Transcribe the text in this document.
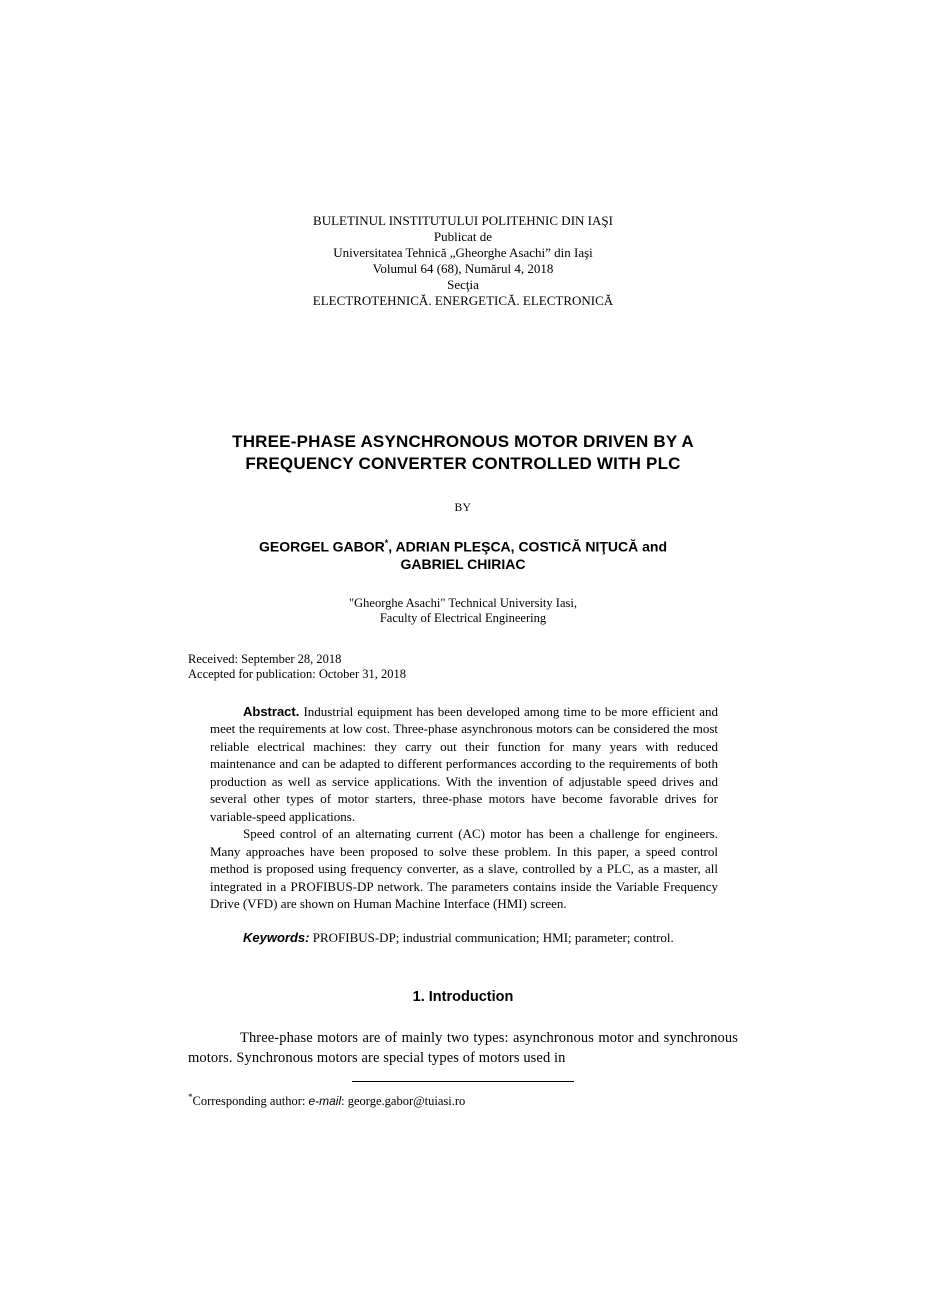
BULETINUL INSTITUTULUI POLITEHNIC DIN IAŞI
Publicat de
Universitatea Tehnică „Gheorghe Asachi” din Iaşi
Volumul 64 (68), Numărul 4, 2018
Secţia
ELECTROTEHNICĂ. ENERGETICĂ. ELECTRONICĂ
THREE-PHASE ASYNCHRONOUS MOTOR DRIVEN BY A FREQUENCY CONVERTER CONTROLLED WITH PLC
BY
GEORGEL GABOR*, ADRIAN PLEŞCA, COSTICĂ NIŢUCĂ and
GABRIEL CHIRIAC
"Gheorghe Asachi" Technical University Iasi,
Faculty of Electrical Engineering
Received: September 28, 2018
Accepted for publication: October 31, 2018

Abstract. Industrial equipment has been developed among time to be more efficient and meet the requirements at low cost. Three-phase asynchronous motors can be considered the most reliable electrical machines: they carry out their function for many years with reduced maintenance and can be adapted to different performances according to the requirements of both production as well as service applications. With the invention of adjustable speed drives and several other types of motor starters, three-phase motors have become favorable drives for variable-speed applications.

Speed control of an alternating current (AC) motor has been a challenge for engineers. Many approaches have been proposed to solve these problem. In this paper, a speed control method is proposed using frequency converter, as a slave, controlled by a PLC, as a master, all integrated in a PROFIBUS-DP network. The parameters contains inside the Variable Frequency Drive (VFD) are shown on Human Machine Interface (HMI) screen.

Keywords: PROFIBUS-DP; industrial communication; HMI; parameter; control.

1. Introduction

Three-phase motors are of mainly two types: asynchronous motor and synchronous motors. Synchronous motors are special types of motors used in

*Corresponding author: e-mail: george.gabor@tuiasi.ro
